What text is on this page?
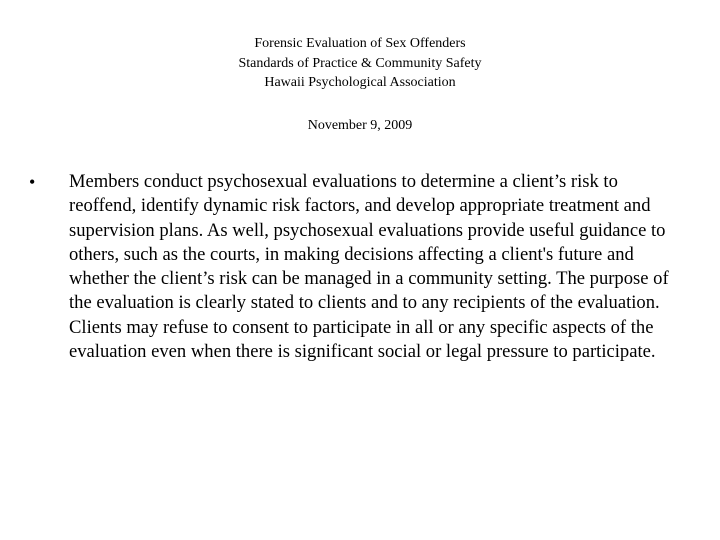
Forensic Evaluation of Sex Offenders
Standards of Practice & Community Safety
Hawaii Psychological Association
November 9, 2009
• Members conduct psychosexual evaluations to determine a client’s risk to reoffend, identify dynamic risk factors, and develop appropriate treatment and supervision plans. As well, psychosexual evaluations provide useful guidance to others, such as the courts, in making decisions affecting a client's future and whether the client’s risk can be managed in a community setting. The purpose of the evaluation is clearly stated to clients and to any recipients of the evaluation. Clients may refuse to consent to participate in all or any specific aspects of the evaluation even when there is significant social or legal pressure to participate.
